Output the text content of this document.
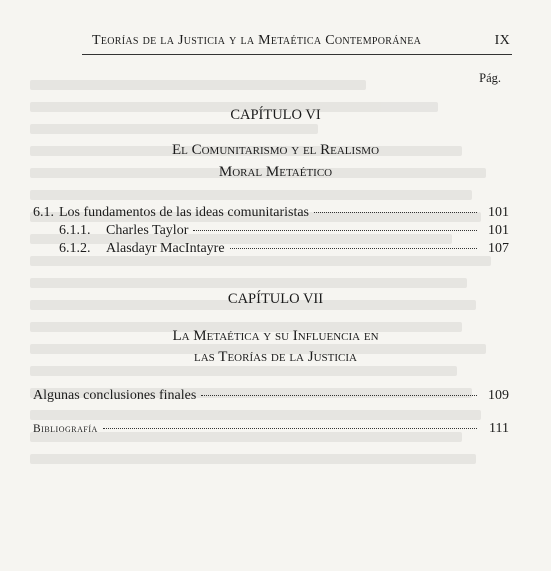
Teorías de la Justicia y la Metaética Contemporánea	IX
Pág.
CAPÍTULO VI
El Comunitarismo y el Realismo
Moral Metaético
6.1. Los fundamentos de las ideas comunitaristas	101
6.1.1.	Charles Taylor	101
6.1.2.	Alasdayr MacIntayre	107
CAPÍTULO VII
La Metaética y su Influencia en
las Teorías de la Justicia
Algunas conclusiones finales	109
Bibliografía	111
